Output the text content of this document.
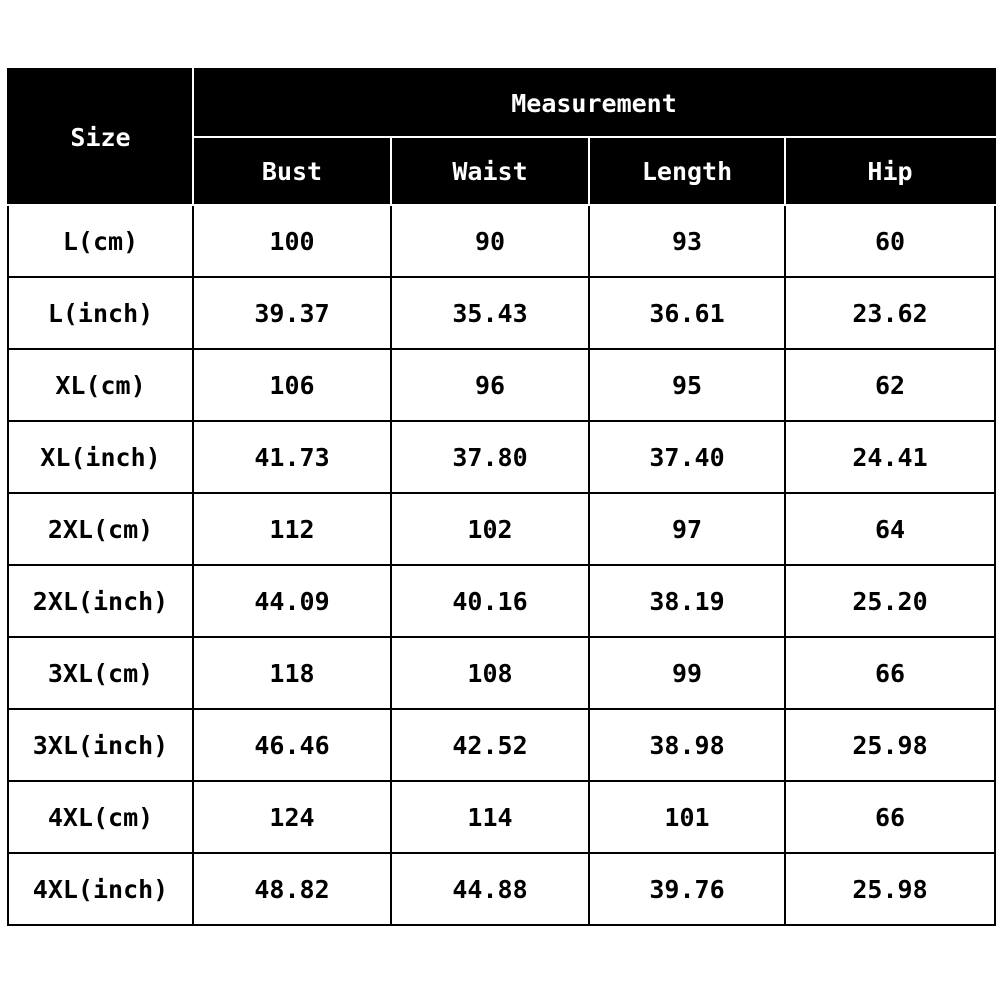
Size	Measurement			
	Bust	Waist	Length	Hip
L(cm)	100	90	93	60
L(inch)	39.37	35.43	36.61	23.62
XL(cm)	106	96	95	62
XL(inch)	41.73	37.80	37.40	24.41
2XL(cm)	112	102	97	64
2XL(inch)	44.09	40.16	38.19	25.20
3XL(cm)	118	108	99	66
3XL(inch)	46.46	42.52	38.98	25.98
4XL(cm)	124	114	101	66
4XL(inch)	48.82	44.88	39.76	25.98
